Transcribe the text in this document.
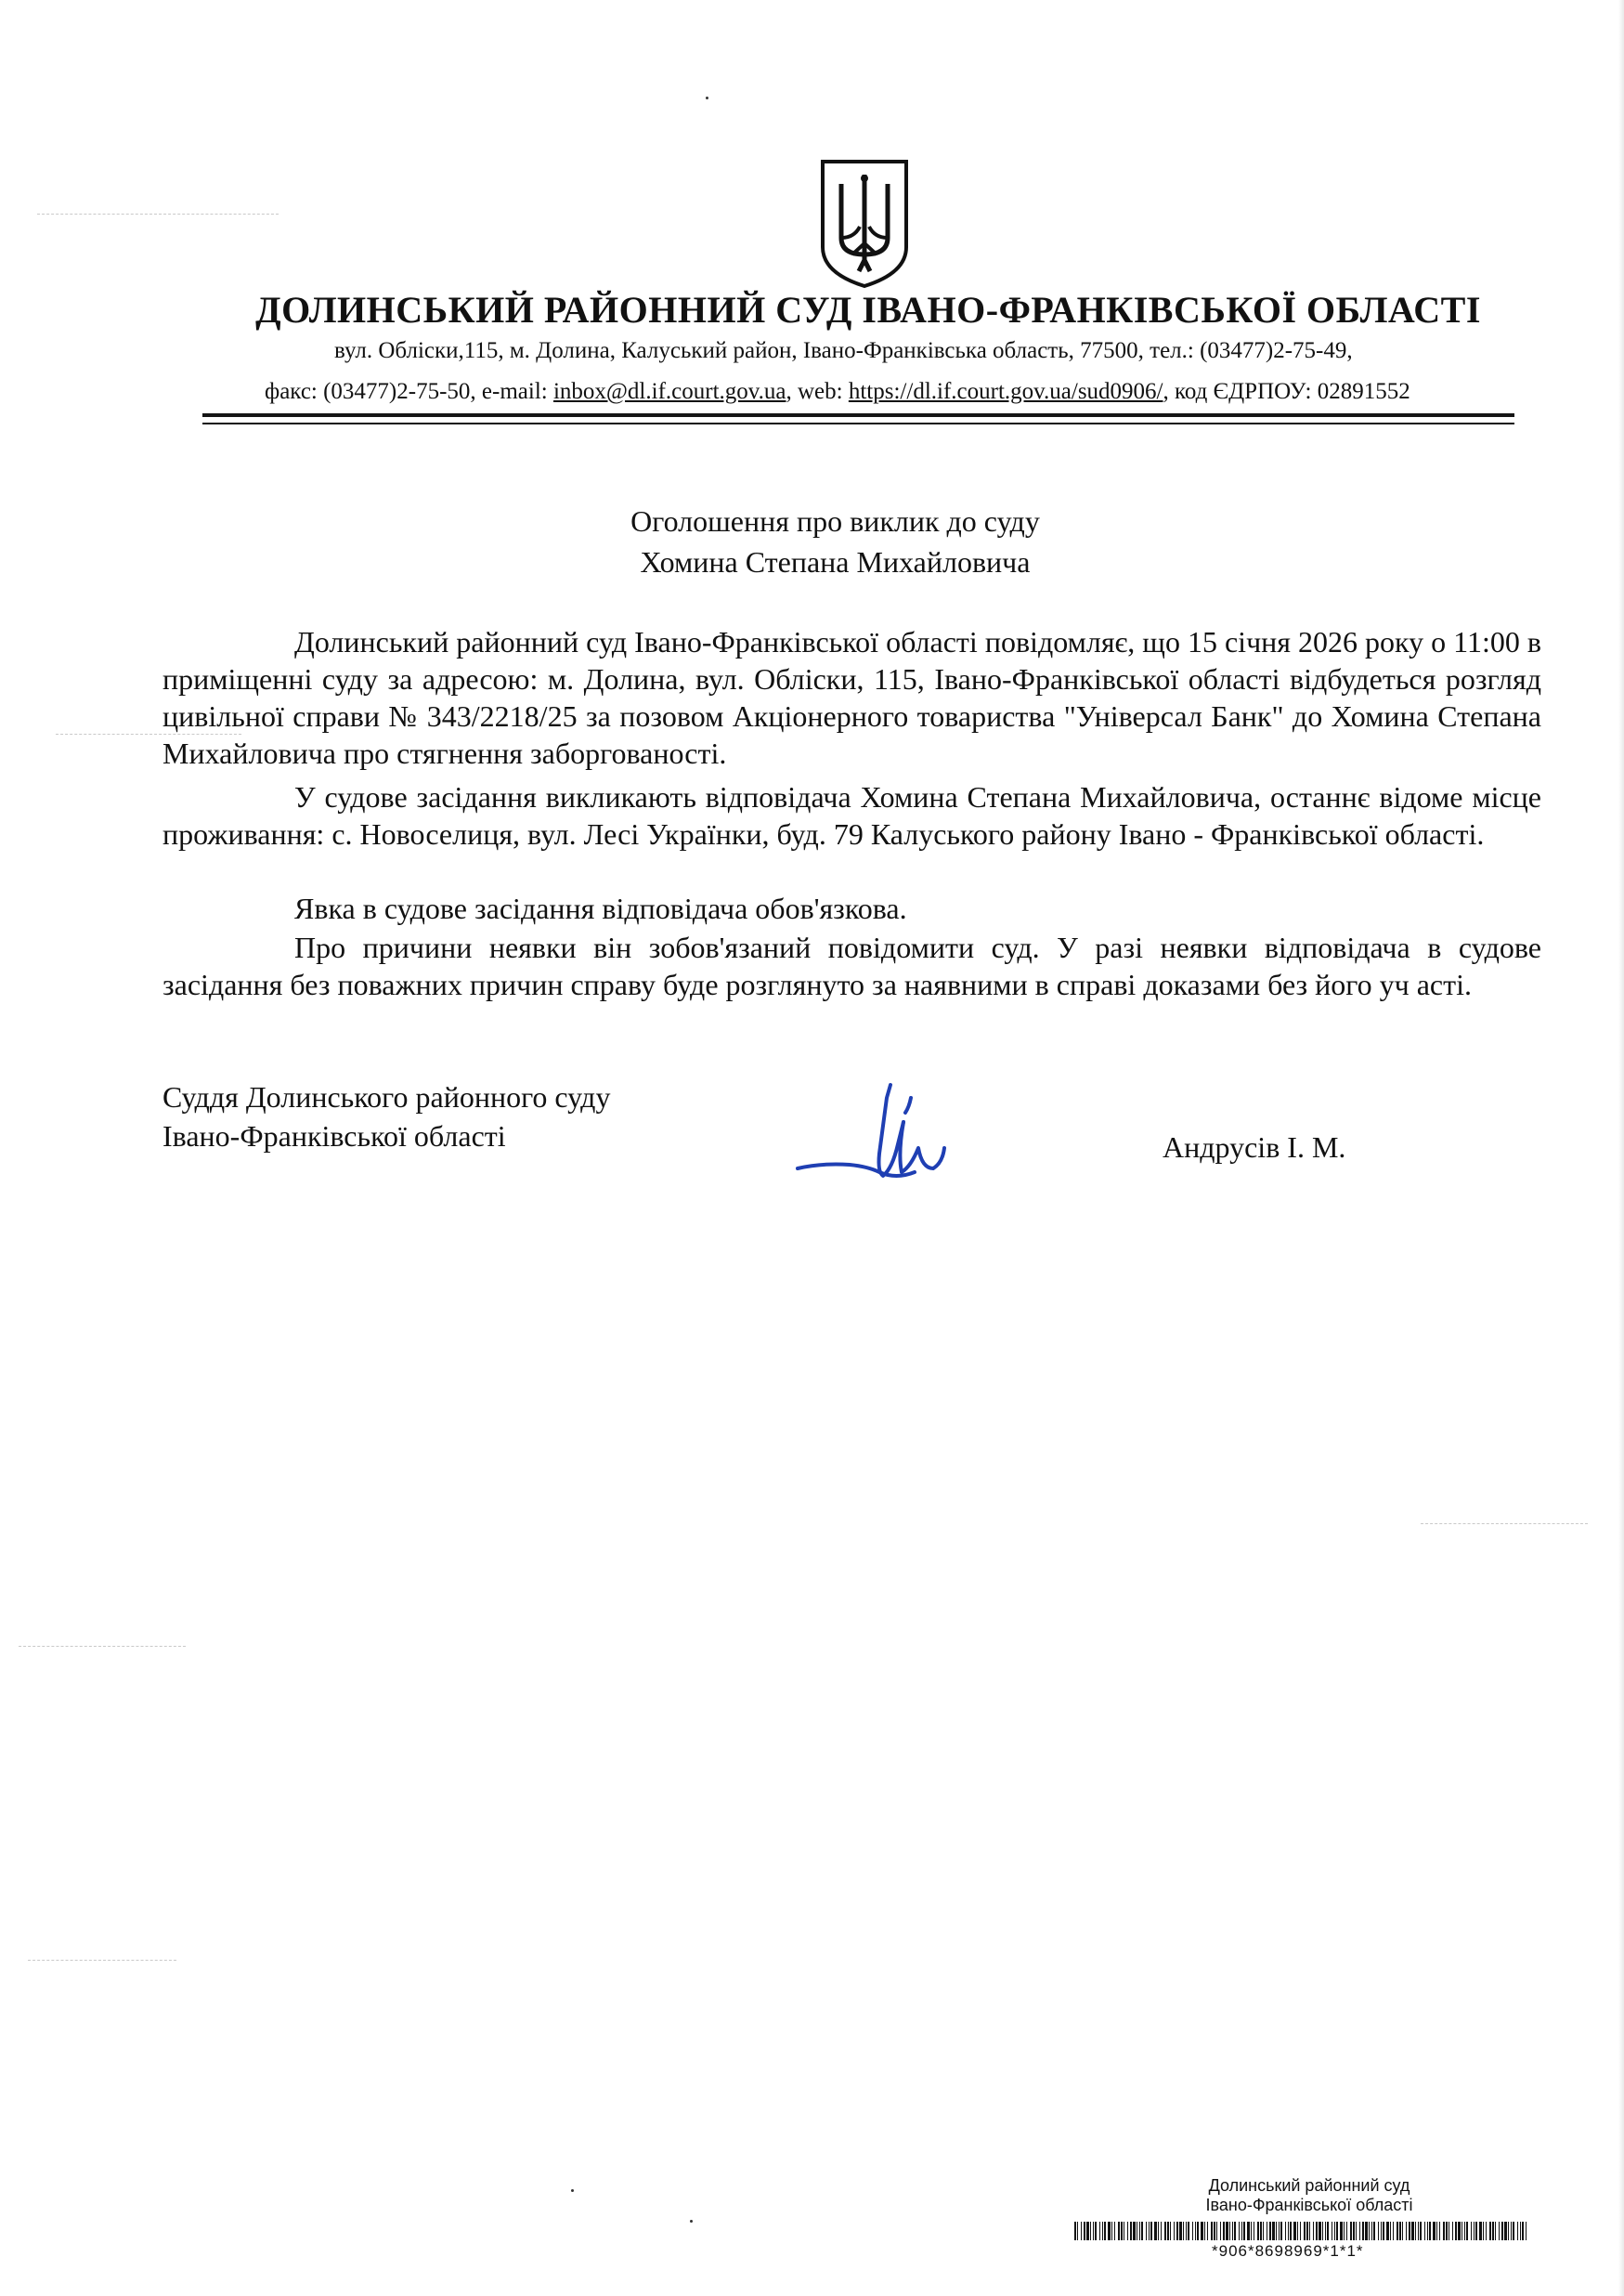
ДОЛИНСЬКИЙ РАЙОННИЙ СУД ІВАНО-ФРАНКІВСЬКОЇ ОБЛАСТІ
вул. Обліски,115, м. Долина, Калуський район, Івано-Франківська область, 77500, тел.: (03477)2-75-49,
факс: (03477)2-75-50, e-mail: inbox@dl.if.court.gov.ua, web: https://dl.if.court.gov.ua/sud0906/, код ЄДРПОУ: 02891552
Оголошення про виклик до суду
Хомина Степана Михайловича
Долинський районний суд Івано-Франківської області повідомляє, що 15 січня 2026 року о 11:00 в приміщенні суду за адресою: м. Долина, вул. Обліски, 115, Івано-Франківської області відбудеться розгляд цивільної справи № 343/2218/25 за позовом Акціонерного товариства "Універсал Банк" до Хомина Степана Михайловича про стягнення заборгованості.
У судове засідання викликають відповідача Хомина Степана Михайловича, останнє відоме місце проживання: с. Новоселиця, вул. Лесі Українки, буд. 79 Калуського району Івано - Франківської області.
Явка в судове засідання відповідача обов'язкова.
Про причини неявки він зобов'язаний повідомити суд. У разі неявки відповідача в судове засідання без поважних причин справу буде розглянуто за наявними в справі доказами без його уч асті.
Суддя Долинського районного суду
Івано-Франківської області	Андрусів І. М.
Долинський районний суд
Івано-Франківської області
*906*8698969*1*1*
